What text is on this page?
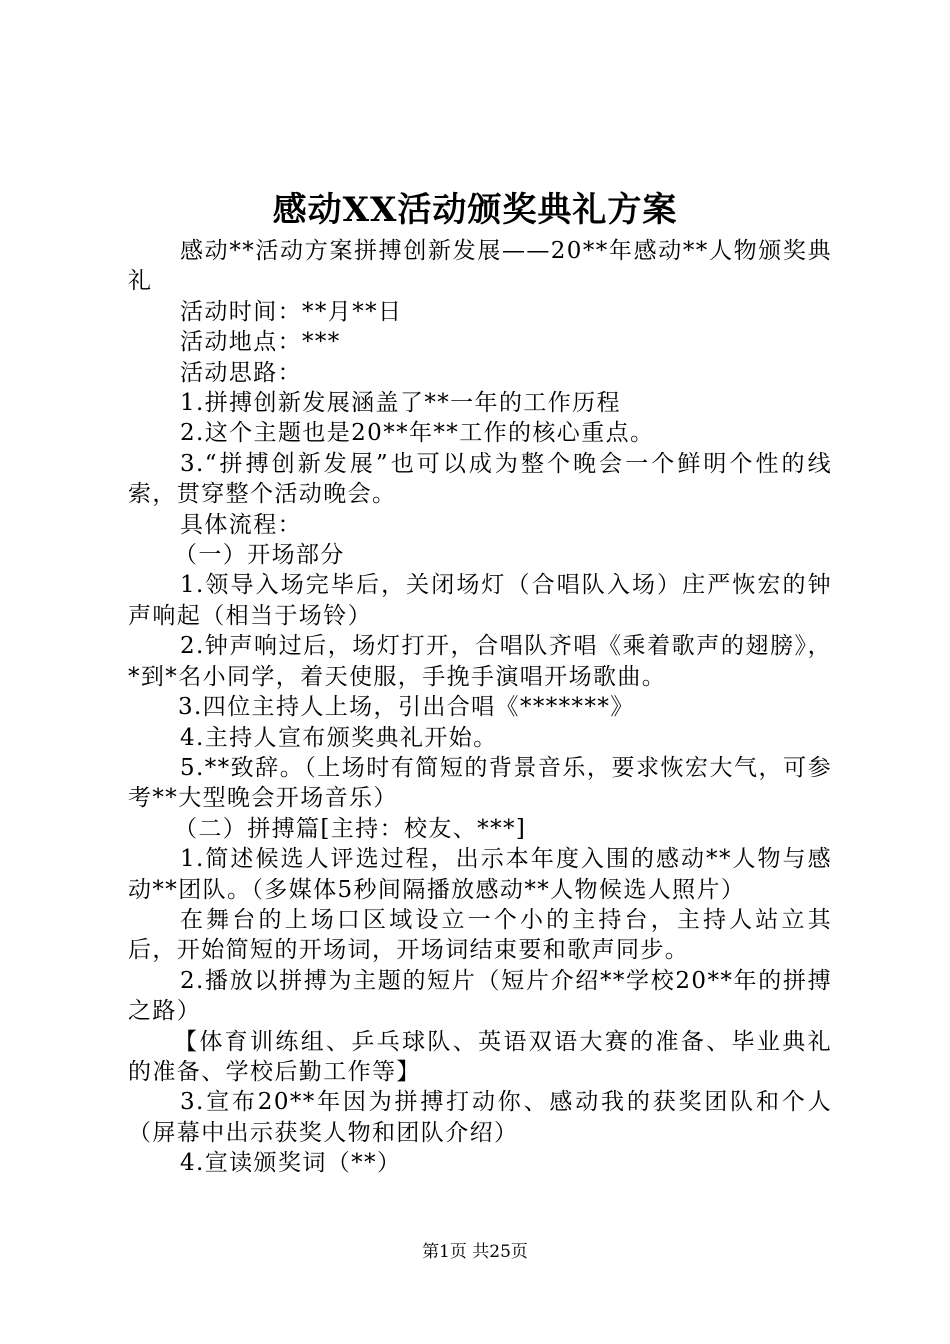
感动XX活动颁奖典礼方案

感动**活动方案拼搏创新发展——20**年感动**人物颁奖典礼

活动时间：**月**日

活动地点：***

活动思路：

1.拼搏创新发展涵盖了**一年的工作历程

2.这个主题也是20**年**工作的核心重点。

3.“拼搏创新发展”也可以成为整个晚会一个鲜明个性的线索，贯穿整个活动晚会。

具体流程：

（一）开场部分

1.领导入场完毕后，关闭场灯（合唱队入场）庄严恢宏的钟声响起（相当于场铃）

2.钟声响过后，场灯打开，合唱队齐唱《乘着歌声的翅膀》，*到*名小同学，着天使服，手挽手演唱开场歌曲。

3.四位主持人上场，引出合唱《*******》

4.主持人宣布颁奖典礼开始。

5.**致辞。（上场时有简短的背景音乐，要求恢宏大气，可参考**大型晚会开场音乐）

（二）拼搏篇[主持：校友、***]

1.简述候选人评选过程，出示本年度入围的感动**人物与感动**团队。（多媒体5秒间隔播放感动**人物候选人照片）

在舞台的上场口区域设立一个小的主持台，主持人站立其后，开始简短的开场词，开场词结束要和歌声同步。

2.播放以拼搏为主题的短片（短片介绍**学校20**年的拼搏之路）

【体育训练组、乒乓球队、英语双语大赛的准备、毕业典礼的准备、学校后勤工作等】

3.宣布20**年因为拼搏打动你、感动我的获奖团队和个人（屏幕中出示获奖人物和团队介绍）

4.宣读颁奖词（**）

第1页 共25页
